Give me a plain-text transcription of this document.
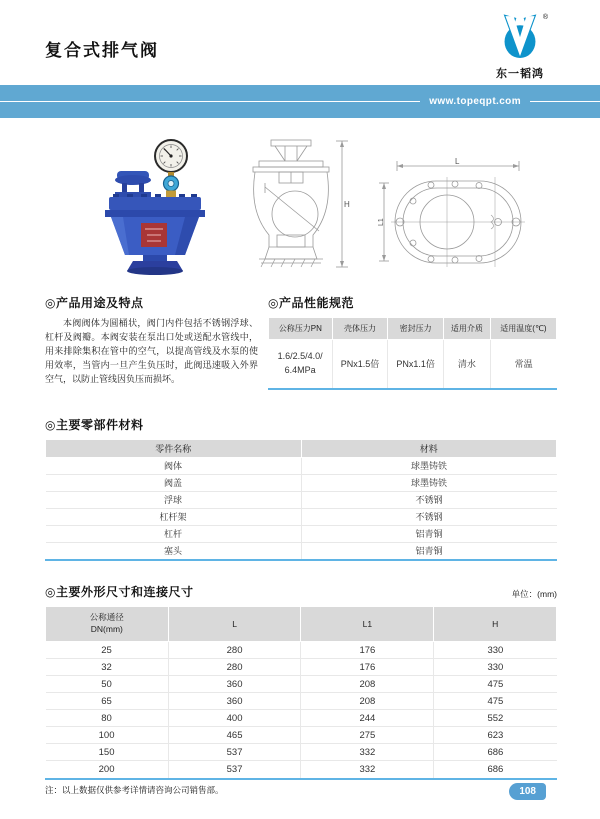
复合式排气阀
®
东一韬鸿
www.topeqpt.com
H
L
L1
◎产品用途及特点

本阀阀体为圆桶状，阀门内件包括不锈钢浮球、杠杆及阀瓣。本阀安装在泵出口处或送配水管线中，用来排除集积在管中的空气，以提高管线及水泵的使用效率，当管内一旦产生负压时，此阀迅速吸入外界空气，以防止管线因负压而损坏。

◎产品性能规范
公称压力PN	壳体压力	密封压力	适用介质	适用温度(℃)

1.6/2.5/4.0/
6.4MPa	PNx1.5倍	PNx1.1倍	清水	常温
◎主要零部件材料
零件名称	材料
阀体	球墨铸铁
阀盖	球墨铸铁
浮球	不锈钢
杠杆架	不锈钢
杠杆	铝青铜
塞头	铝青铜
◎主要外形尺寸和连接尺寸	单位：(mm)
公称通径
DN(mm)	L	L1	H
25	280	176	330
32	280	176	330
50	360	208	475
65	360	208	475
80	400	244	552
100	465	275	623
150	537	332	686
200	537	332	686

注：以上数据仅供参考详情请咨询公司销售部。	108
